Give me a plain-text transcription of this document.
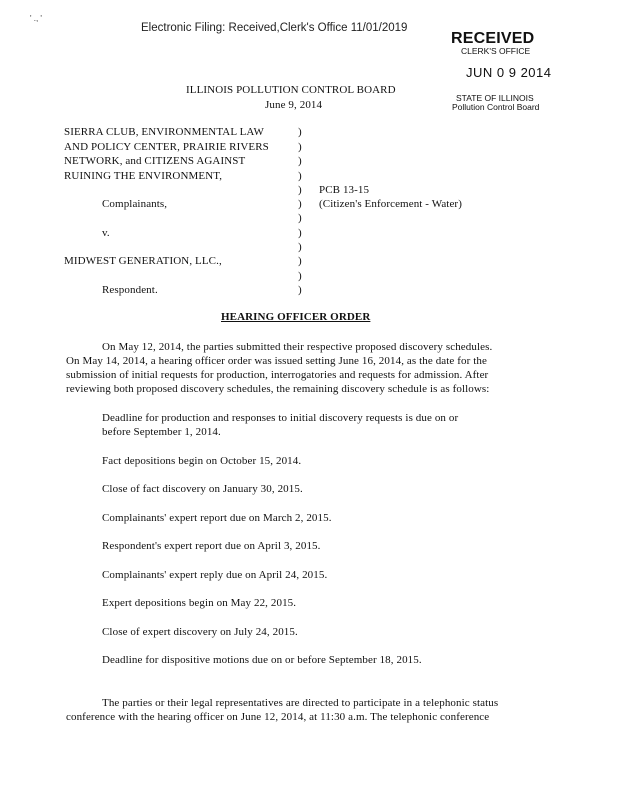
' ., '
Electronic Filing: Received,Clerk's Office 11/01/2019
RECEIVED
CLERK'S OFFICE
JUN 0 9 2014
STATE OF ILLINOIS
Pollution Control Board
ILLINOIS POLLUTION CONTROL BOARD
June 9, 2014
SIERRA CLUB, ENVIRONMENTAL LAW
AND POLICY CENTER, PRAIRIE RIVERS
NETWORK, and CITIZENS AGAINST
RUINING THE ENVIRONMENT,
Complainants,
v.
MIDWEST GENERATION, LLC.,
Respondent.
)
)
)
)
)
)
)
)
)
)
)
)
PCB 13-15
(Citizen's Enforcement - Water)
HEARING OFFICER ORDER
On May 12, 2014, the parties submitted their respective proposed discovery schedules.
On May 14, 2014, a hearing officer order was issued setting June 16, 2014, as the date for the
submission of initial requests for production, interrogatories and requests for admission. After
reviewing both proposed discovery schedules, the remaining discovery schedule is as follows:
Deadline for production and responses to initial discovery requests is due on or
before September 1, 2014.
Fact depositions begin on October 15, 2014.
Close of fact discovery on January 30, 2015.
Complainants' expert report due on March 2, 2015.
Respondent's expert report due on April 3, 2015.
Complainants' expert reply due on April 24, 2015.
Expert depositions begin on May 22, 2015.
Close of expert discovery on July 24, 2015.
Deadline for dispositive motions due on or before September 18, 2015.
The parties or their legal representatives are directed to participate in a telephonic status
conference with the hearing officer on June 12, 2014, at 11:30 a.m. The telephonic conference
